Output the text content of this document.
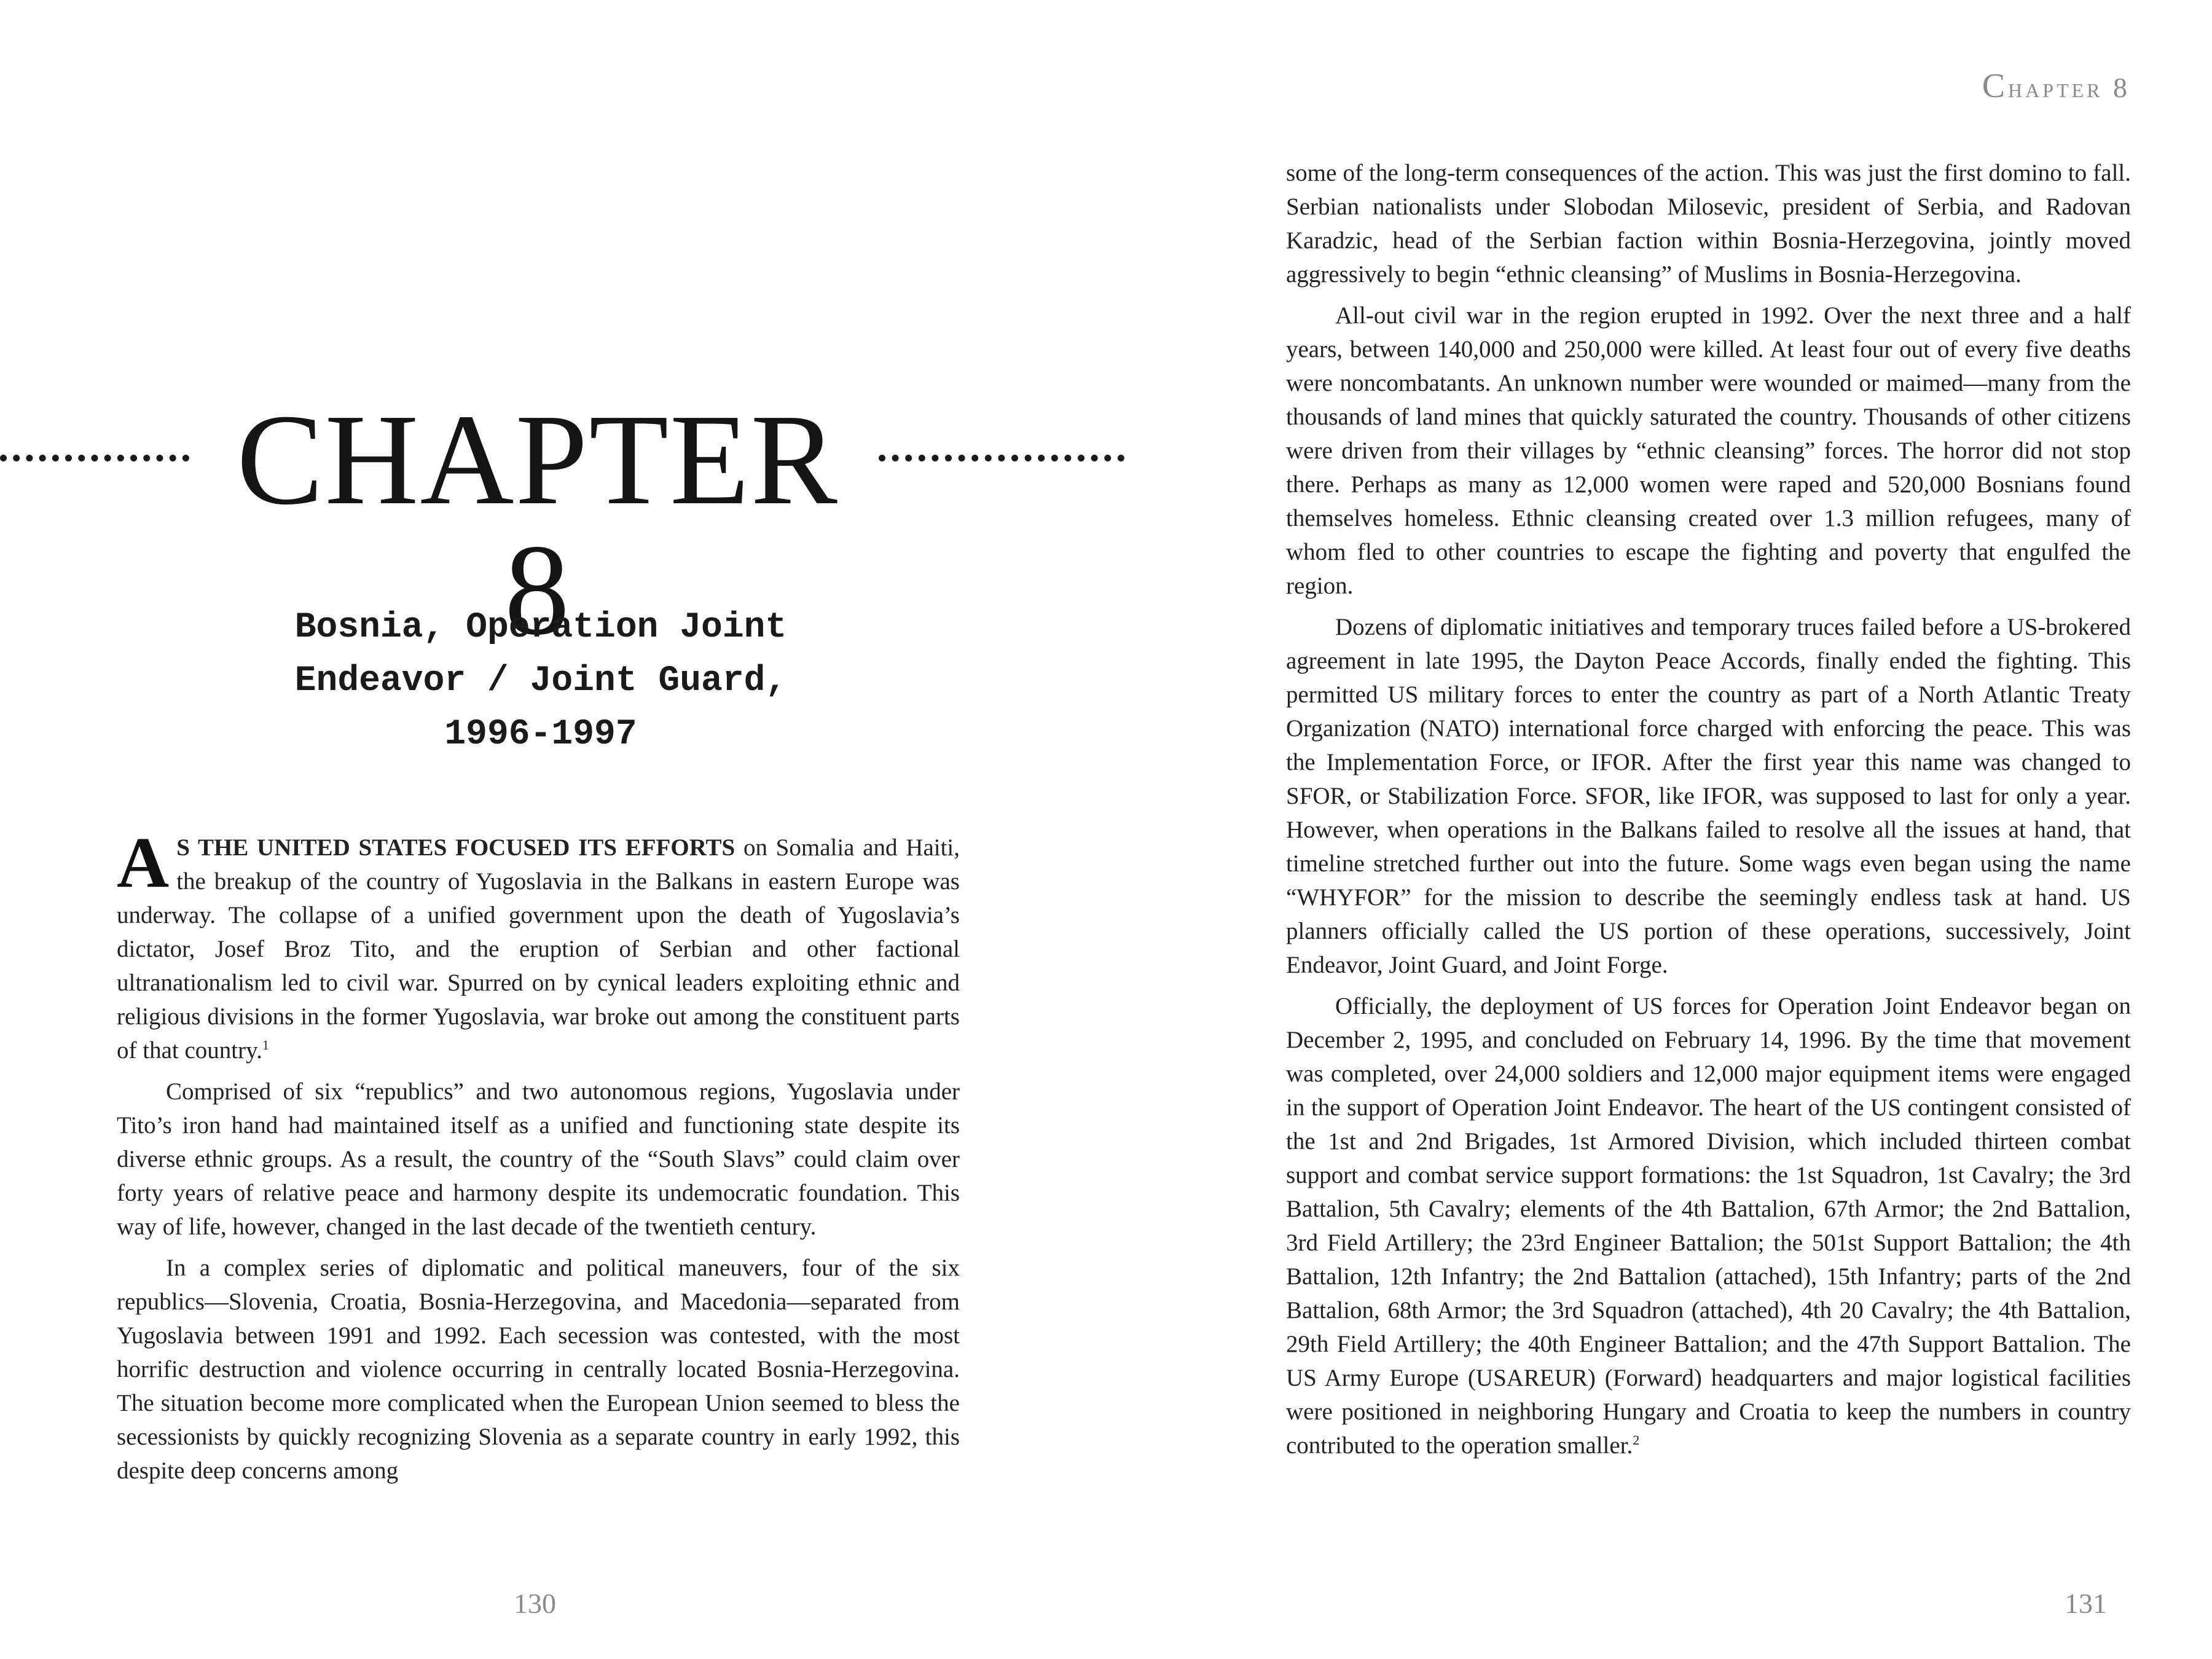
CHAPTER 8
Bosnia, Operation Joint
Endeavor / Joint Guard,
1996-1997

A S THE UNITED STATES FOCUSED ITS EFFORTS on Somalia and Haiti, the breakup of the country of Yugoslavia in the Balkans in eastern Europe was underway. The collapse of a unified government upon the death of Yugoslavia’s dictator, Josef Broz Tito, and the eruption of Serbian and other factional ultranationalism led to civil war. Spurred on by cynical leaders exploiting ethnic and religious divisions in the former Yugoslavia, war broke out among the constituent parts of that country.$^1$

Comprised of six “republics” and two autonomous regions, Yugoslavia under Tito’s iron hand had maintained itself as a unified and functioning state despite its diverse ethnic groups. As a result, the country of the “South Slavs” could claim over forty years of relative peace and harmony despite its undemocratic foundation. This way of life, however, changed in the last decade of the twentieth century.

In a complex series of diplomatic and political maneuvers, four of the six republics—Slovenia, Croatia, Bosnia-Herzegovina, and Macedonia—separated from Yugoslavia between 1991 and 1992. Each secession was contested, with the most horrific destruction and violence occurring in centrally located Bosnia-Herzegovina. The situation become more complicated when the European Union seemed to bless the secessionists by quickly recognizing Slovenia as a separate country in early 1992, this despite deep concerns among

130
Chapter 8

some of the long-term consequences of the action. This was just the first domino to fall. Serbian nationalists under Slobodan Milosevic, president of Serbia, and Radovan Karadzic, head of the Serbian faction within Bosnia-Herzegovina, jointly moved aggressively to begin “ethnic cleansing” of Muslims in Bosnia-Herzegovina.

All-out civil war in the region erupted in 1992. Over the next three and a half years, between 140,000 and 250,000 were killed. At least four out of every five deaths were noncombatants. An unknown number were wounded or maimed—many from the thousands of land mines that quickly saturated the country. Thousands of other citizens were driven from their villages by “ethnic cleansing” forces. The horror did not stop there. Perhaps as many as 12,000 women were raped and 520,000 Bosnians found themselves homeless. Ethnic cleansing created over 1.3 million refugees, many of whom fled to other countries to escape the fighting and poverty that engulfed the region.

Dozens of diplomatic initiatives and temporary truces failed before a US-brokered agreement in late 1995, the Dayton Peace Accords, finally ended the fighting. This permitted US military forces to enter the country as part of a North Atlantic Treaty Organization (NATO) international force charged with enforcing the peace. This was the Implementation Force, or IFOR. After the first year this name was changed to SFOR, or Stabilization Force. SFOR, like IFOR, was supposed to last for only a year. However, when operations in the Balkans failed to resolve all the issues at hand, that timeline stretched further out into the future. Some wags even began using the name “WHYFOR” for the mission to describe the seemingly endless task at hand. US planners officially called the US portion of these operations, successively, Joint Endeavor, Joint Guard, and Joint Forge.

Officially, the deployment of US forces for Operation Joint Endeavor began on December 2, 1995, and concluded on February 14, 1996. By the time that movement was completed, over 24,000 soldiers and 12,000 major equipment items were engaged in the support of Operation Joint Endeavor. The heart of the US contingent consisted of the 1st and 2nd Brigades, 1st Armored Division, which included thirteen combat support and combat service support formations: the 1st Squadron, 1st Cavalry; the 3rd Battalion, 5th Cavalry; elements of the 4th Battalion, 67th Armor; the 2nd Battalion, 3rd Field Artillery; the 23rd Engineer Battalion; the 501st Support Battalion; the 4th Battalion, 12th Infantry; the 2nd Battalion (attached), 15th Infantry; parts of the 2nd Battalion, 68th Armor; the 3rd Squadron (attached), 4th 20 Cavalry; the 4th Battalion, 29th Field Artillery; the 40th Engineer Battalion; and the 47th Support Battalion. The US Army Europe (USAREUR) (Forward) headquarters and major logistical facilities were positioned in neighboring Hungary and Croatia to keep the numbers in country contributed to the operation smaller.$^2$

131
